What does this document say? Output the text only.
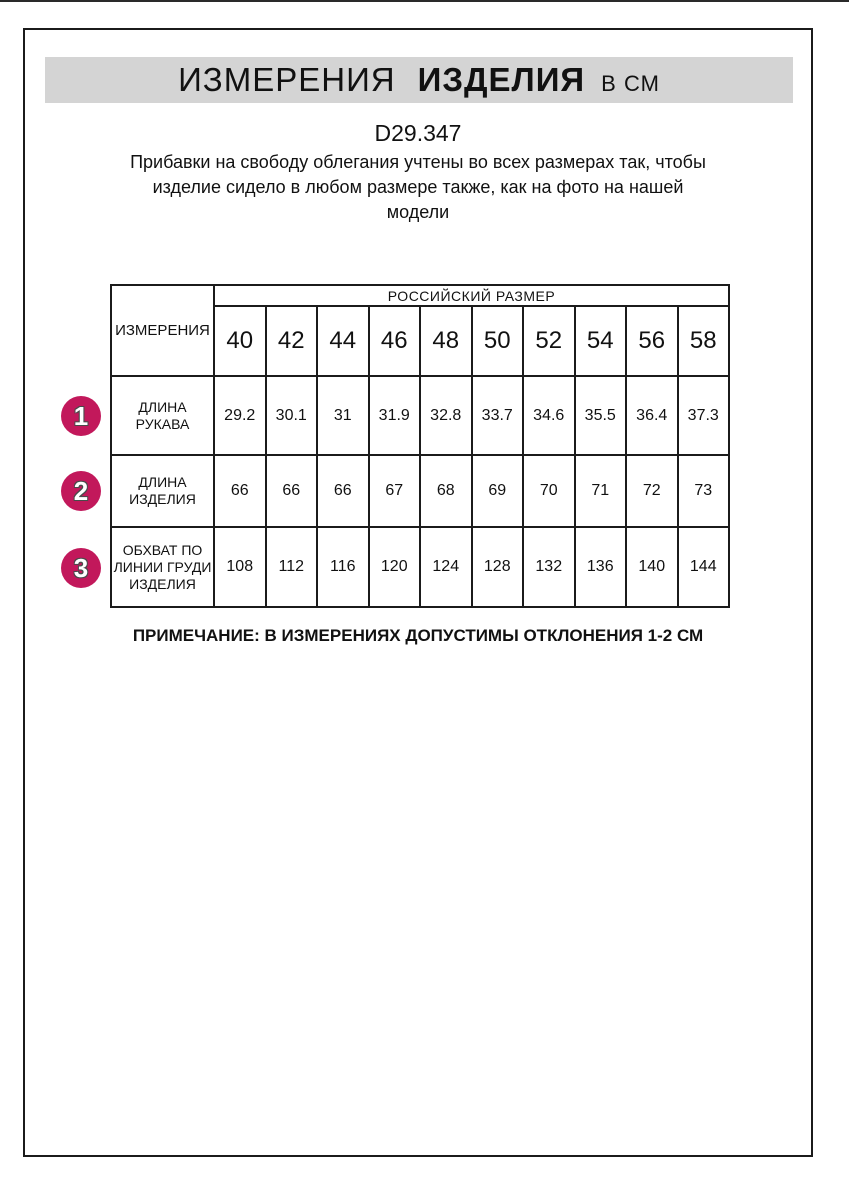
ИЗМЕРЕНИЯ ИЗДЕЛИЯ В СМ
D29.347
Прибавки на свободу облегания учтены во всех размерах так, чтобы
изделие сидело в любом размере также, как на фото на нашей
модели
ИЗМЕРЕНИЯ	РОССИЙСКИЙ РАЗМЕР									
	40	42	44	46	48	50	52	54	56	58
ДЛИНА РУКАВА	29.2	30.1	31	31.9	32.8	33.7	34.6	35.5	36.4	37.3
ДЛИНА ИЗДЕЛИЯ	66	66	66	67	68	69	70	71	72	73
ОБХВАТ ПО ЛИНИИ ГРУДИ ИЗДЕЛИЯ	108	112	116	120	124	128	132	136	140	144
1
2
3
ПРИМЕЧАНИЕ: В ИЗМЕРЕНИЯХ ДОПУСТИМЫ ОТКЛОНЕНИЯ 1-2 СМ
